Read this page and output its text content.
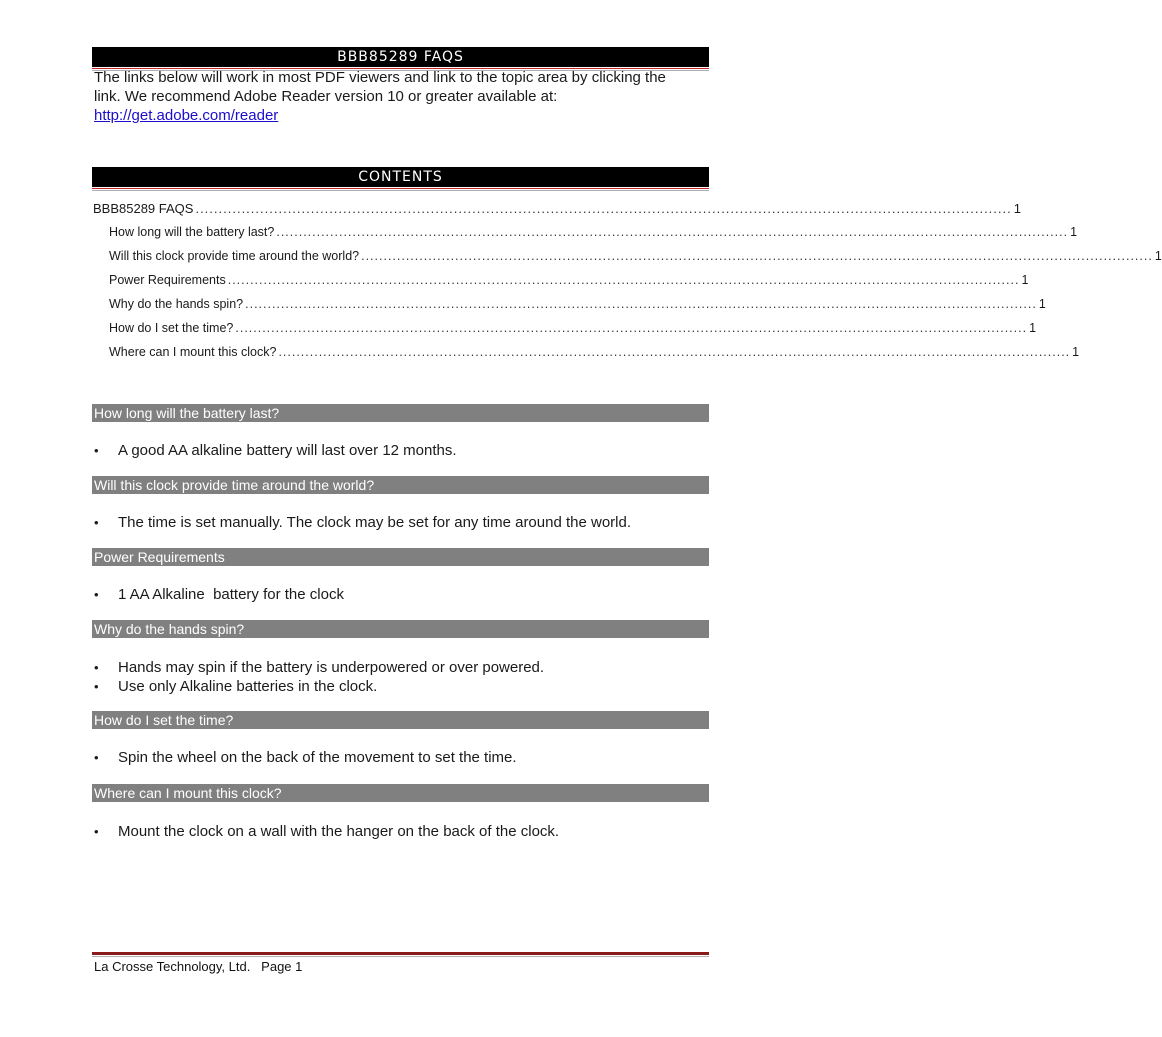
BBB85289 FAQS
The links below will work in most PDF viewers and link to the topic area by clicking the link. We recommend Adobe Reader version 10 or greater available at:
http://get.adobe.com/reader
CONTENTS
BBB85289 FAQS ................................................................................................................................................................................. 1
How long will the battery last? ................................................................................................................................................................................. 1
Will this clock provide time around the world? ................................................................................................................................................................................. 1
Power Requirements ................................................................................................................................................................................. 1
Why do the hands spin? ................................................................................................................................................................................. 1
How do I set the time? ................................................................................................................................................................................. 1
Where can I mount this clock? ................................................................................................................................................................................. 1
How long will the battery last?
•	A good AA alkaline battery will last over 12 months.
Will this clock provide time around the world?
•	The time is set manually. The clock may be set for any time around the world.
Power Requirements
•	1 AA Alkaline  battery for the clock
Why do the hands spin?
•	Hands may spin if the battery is underpowered or over powered.
•	Use only Alkaline batteries in the clock.
How do I set the time?
•	Spin the wheel on the back of the movement to set the time.
Where can I mount this clock?
•	Mount the clock on a wall with the hanger on the back of the clock.
La Crosse Technology, Ltd.   Page 1
